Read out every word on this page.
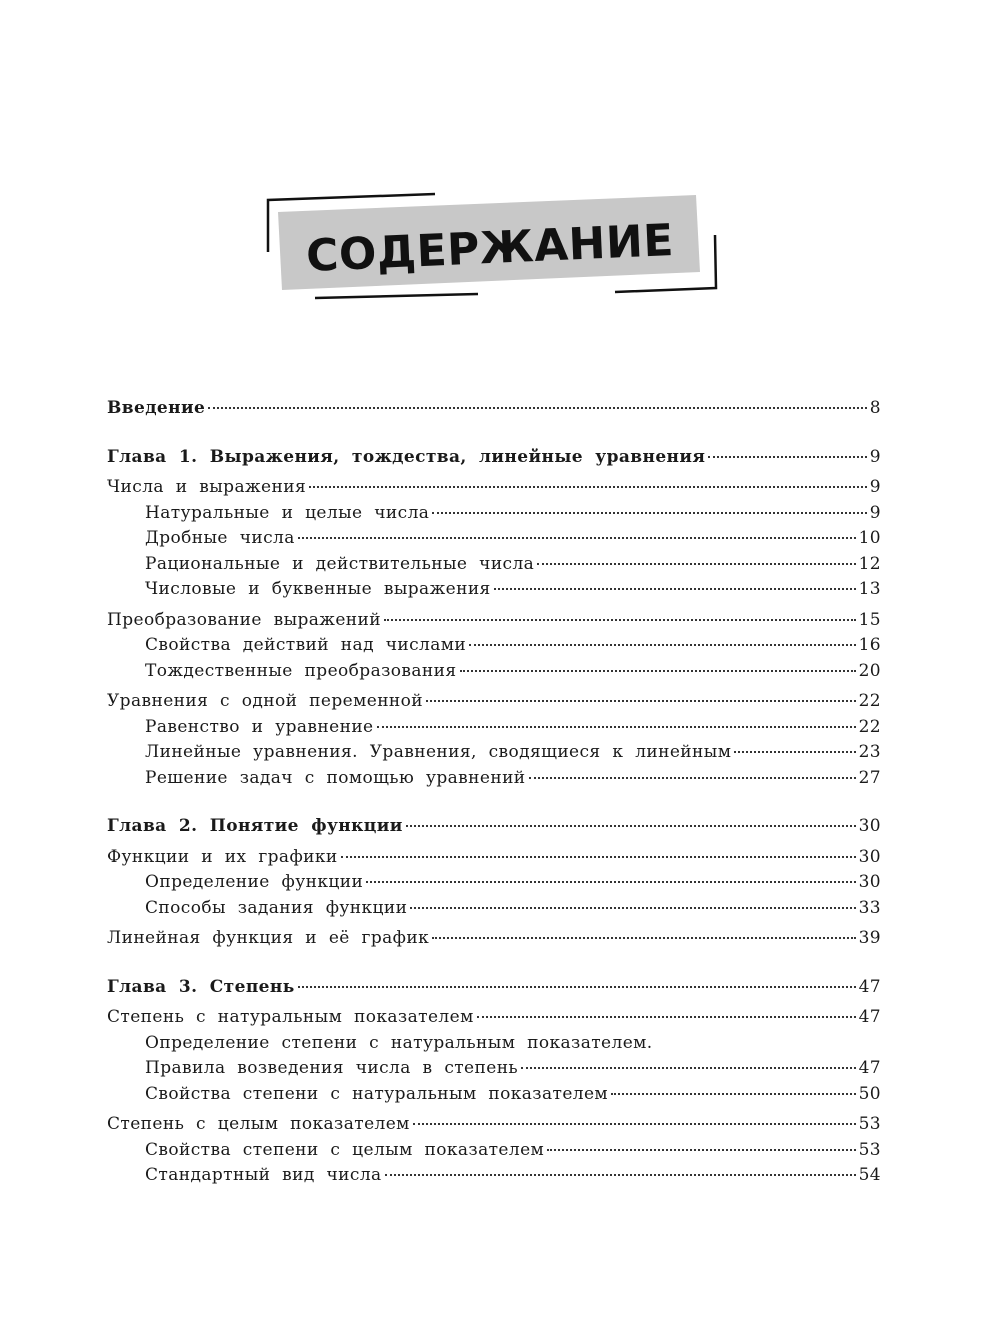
СОДЕРЖАНИЕ
Введение	8
Глава 1. Выражения, тождества, линейные уравнения	9
Числа и выражения	9
Натуральные и целые числа	9
Дробные числа	10
Рациональные и действительные числа	12
Числовые и буквенные выражения	13
Преобразование выражений	15
Свойства действий над числами	16
Тождественные преобразования	20
Уравнения с одной переменной	22
Равенство и уравнение	22
Линейные уравнения. Уравнения, сводящиеся к линейным	23
Решение задач с помощью уравнений	27
Глава 2. Понятие функции	30
Функции и их графики	30
Определение функции	30
Способы задания функции	33
Линейная функция и её график	39
Глава 3. Степень	47
Степень с натуральным показателем	47
Определение степени с натуральным показателем.
Правила возведения числа в степень	47
Свойства степени с натуральным показателем	50
Степень с целым показателем	53
Свойства степени с целым показателем	53
Стандартный вид числа	54
